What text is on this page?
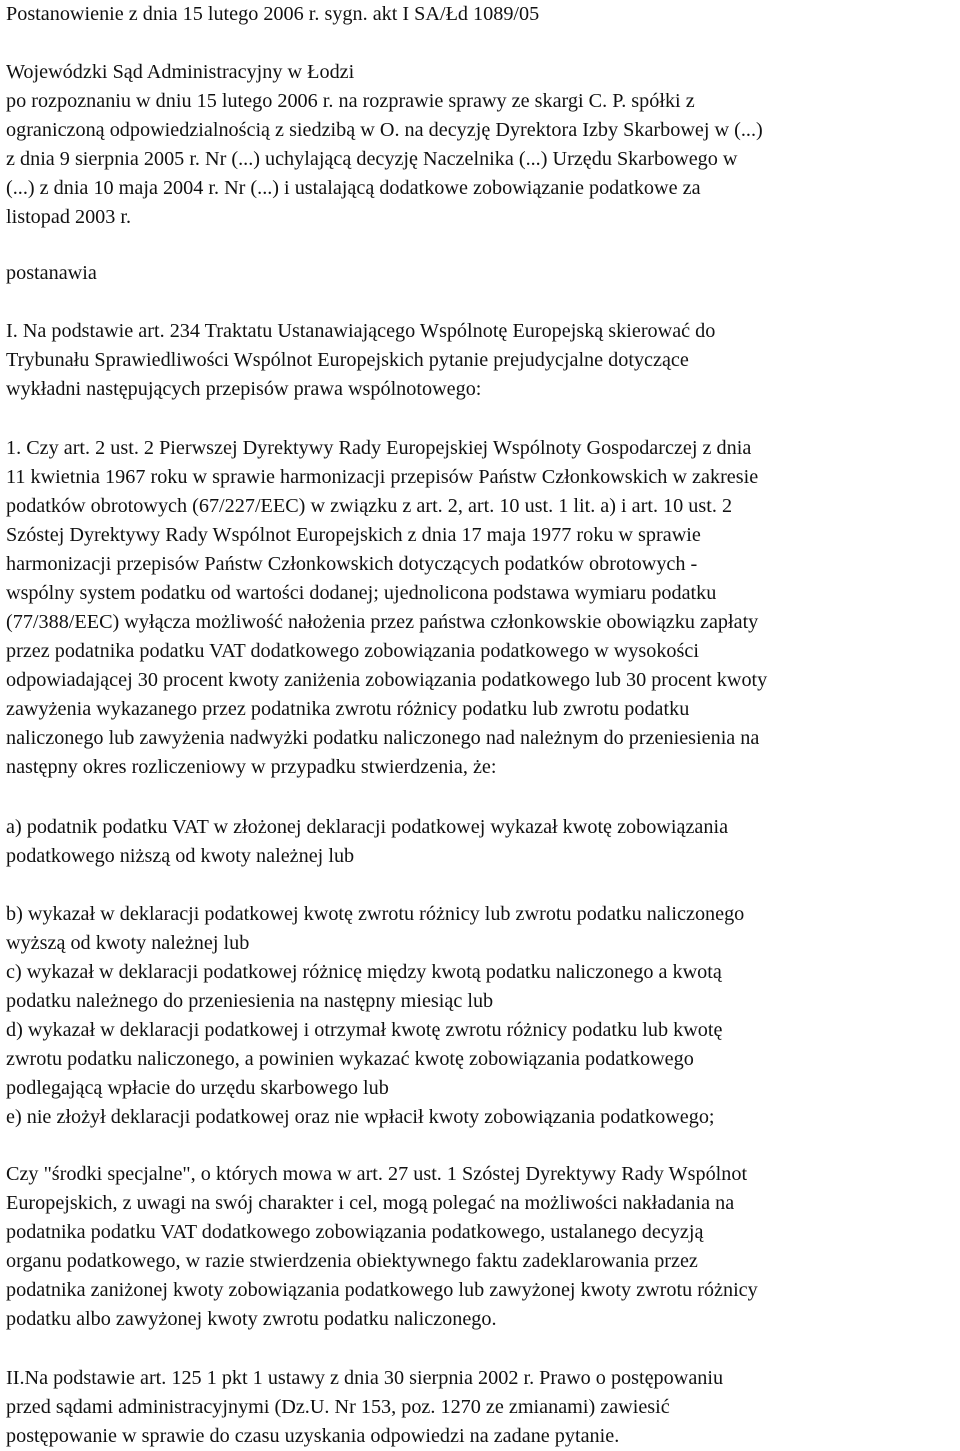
Postanowienie z dnia 15 lutego 2006 r. sygn. akt I SA/Łd 1089/05

Wojewódzki Sąd Administracyjny w Łodzi

po rozpoznaniu w dniu 15 lutego 2006 r. na rozprawie sprawy ze skargi C. P. spółki z

ograniczoną odpowiedzialnością z siedzibą w O. na decyzję Dyrektora Izby Skarbowej w (...)

z dnia 9 sierpnia 2005 r. Nr (...) uchylającą decyzję Naczelnika (...) Urzędu Skarbowego w

(...) z dnia 10 maja 2004 r. Nr (...) i ustalającą dodatkowe zobowiązanie podatkowe za

listopad 2003 r.

postanawia

I. Na podstawie art. 234 Traktatu Ustanawiającego Wspólnotę Europejską skierować do

Trybunału Sprawiedliwości Wspólnot Europejskich pytanie prejudycjalne dotyczące

wykładni następujących przepisów prawa wspólnotowego:

1. Czy art. 2 ust. 2 Pierwszej Dyrektywy Rady Europejskiej Wspólnoty Gospodarczej z dnia

11 kwietnia 1967 roku w sprawie harmonizacji przepisów Państw Członkowskich w zakresie

podatków obrotowych (67/227/EEC) w związku z art. 2, art. 10 ust. 1 lit. a) i art. 10 ust. 2

Szóstej Dyrektywy Rady Wspólnot Europejskich z dnia 17 maja 1977 roku w sprawie

harmonizacji przepisów Państw Członkowskich dotyczących podatków obrotowych -

wspólny system podatku od wartości dodanej; ujednolicona podstawa wymiaru podatku

(77/388/EEC) wyłącza możliwość nałożenia przez państwa członkowskie obowiązku zapłaty

przez podatnika podatku VAT dodatkowego zobowiązania podatkowego w wysokości

odpowiadającej 30 procent kwoty zaniżenia zobowiązania podatkowego lub 30 procent kwoty

zawyżenia wykazanego przez podatnika zwrotu różnicy podatku lub zwrotu podatku

naliczonego lub zawyżenia nadwyżki podatku naliczonego nad należnym do przeniesienia na

następny okres rozliczeniowy w przypadku stwierdzenia, że:

a) podatnik podatku VAT w złożonej deklaracji podatkowej wykazał kwotę zobowiązania

podatkowego niższą od kwoty należnej lub

b) wykazał w deklaracji podatkowej kwotę zwrotu różnicy lub zwrotu podatku naliczonego

wyższą od kwoty należnej lub

c) wykazał w deklaracji podatkowej różnicę między kwotą podatku naliczonego a kwotą

podatku należnego do przeniesienia na następny miesiąc lub

d) wykazał w deklaracji podatkowej i otrzymał kwotę zwrotu różnicy podatku lub kwotę

zwrotu podatku naliczonego, a powinien wykazać kwotę zobowiązania podatkowego

podlegającą wpłacie do urzędu skarbowego lub

e) nie złożył deklaracji podatkowej oraz nie wpłacił kwoty zobowiązania podatkowego;

Czy "środki specjalne", o których mowa w art. 27 ust. 1 Szóstej Dyrektywy Rady Wspólnot

Europejskich, z uwagi na swój charakter i cel, mogą polegać na możliwości nakładania na

podatnika podatku VAT dodatkowego zobowiązania podatkowego, ustalanego decyzją

organu podatkowego, w razie stwierdzenia obiektywnego faktu zadeklarowania przez

podatnika zaniżonej kwoty zobowiązania podatkowego lub zawyżonej kwoty zwrotu różnicy

podatku albo zawyżonej kwoty zwrotu podatku naliczonego.

II.Na podstawie art. 125 1 pkt 1 ustawy z dnia 30 sierpnia 2002 r. Prawo o postępowaniu

przed sądami administracyjnymi (Dz.U. Nr 153, poz. 1270 ze zmianami) zawiesić

postępowanie w sprawie do czasu uzyskania odpowiedzi na zadane pytanie.
